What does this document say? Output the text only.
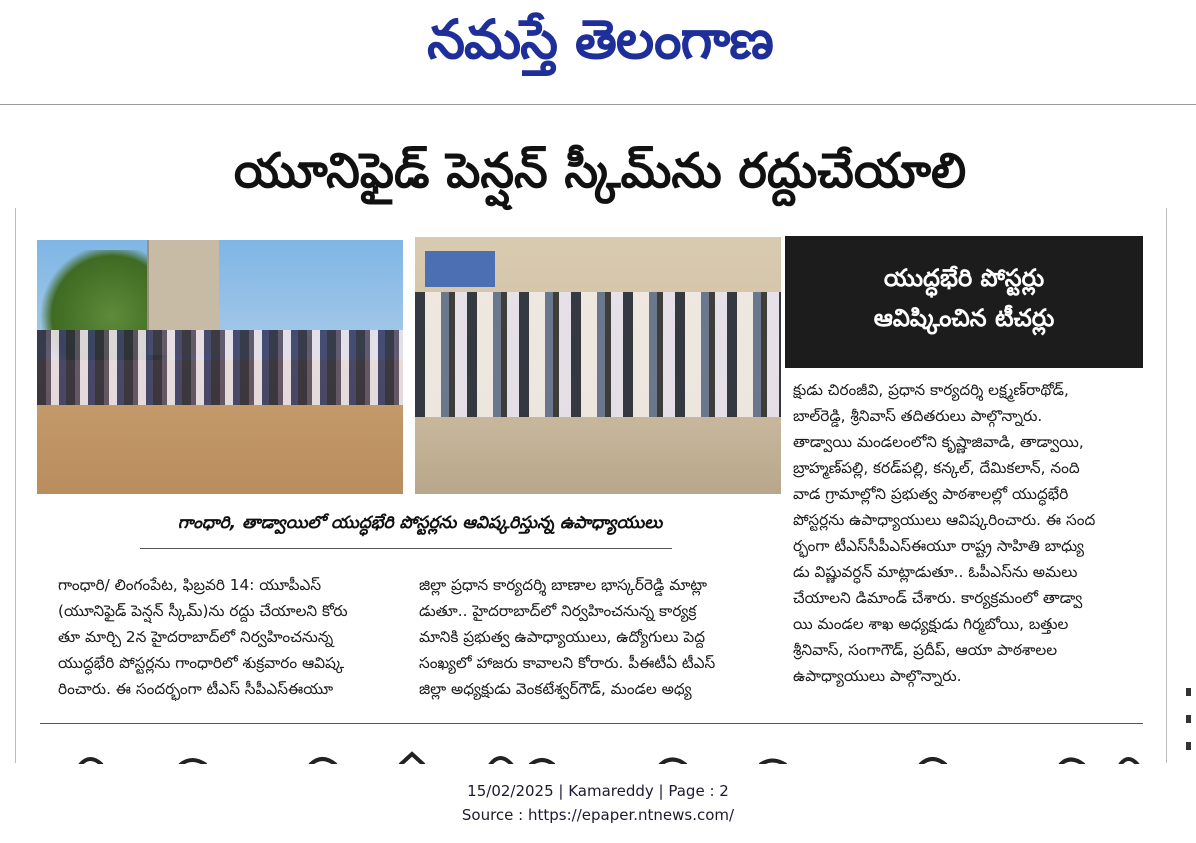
నమస్తే తెలంగాణ
యూనిఫైడ్ పెన్షన్ స్కీమ్‌ను రద్దుచేయాలి
యుద్ధభేరి పోస్టర్లు
ఆవిష్కించిన టీచర్లు
గాంధారి, తాడ్వాయిలో యుద్ధభేరి పోస్టర్లను ఆవిష్కరిస్తున్న ఉపాధ్యాయులు
గాంధారి/ లింగంపేట, ఫిబ్రవరి 14: యూపీఎస్
(యూనిఫైడ్ పెన్షన్ స్కీమ్)ను రద్దు చేయాలని కోరు
తూ మార్చి 2న హైదరాబాద్‌లో నిర్వహించనున్న
యుద్ధభేరి పోస్టర్లను గాంధారిలో శుక్రవారం ఆవిష్క
రించారు. ఈ సందర్భంగా టీఎస్ సీపీఎస్ఈయూ
జిల్లా ప్రధాన కార్యదర్శి బాణాల భాస్కర్‌రెడ్డి మాట్లా
డుతూ.. హైదరాబాద్‌లో నిర్వహించనున్న కార్యక్ర
మానికి ప్రభుత్వ ఉపాధ్యాయులు, ఉద్యోగులు పెద్ద
సంఖ్యలో హాజరు కావాలని కోరారు. పీఈటీఏ టీఎస్
జిల్లా అధ్యక్షుడు వెంకటేశ్వర్‌గౌడ్, మండల అధ్య
క్షుడు చిరంజీవి, ప్రధాన కార్యదర్శి లక్ష్మణ్‌రాథోడ్,
బాల్‌రెడ్డి, శ్రీనివాస్ తదితరులు పాల్గొన్నారు.
తాడ్వాయి మండలంలోని కృష్ణాజివాడి, తాడ్వాయి,
బ్రాహ్మణ్‌పల్లి, కరడ్‌పల్లి, కన్కల్, దేమికలాన్, నంది
వాడ గ్రామాల్లోని ప్రభుత్వ పాఠశాలల్లో యుద్ధభేరి
పోస్టర్లను ఉపాధ్యాయులు ఆవిష్కరించారు. ఈ సంద
ర్భంగా టీఎస్‌సీపీఎస్ఈయూ రాష్ట్ర సాహితి బాధ్యు
డు విష్ణువర్ధన్ మాట్లాడుతూ.. ఓపీఎస్‌ను అమలు
చేయాలని డిమాండ్ చేశారు. కార్యక్రమంలో తాడ్వా
యి మండల శాఖ అధ్యక్షుడు గిర్మబోయి, బత్తుల
శ్రీనివాస్, సంగాగౌడ్, ప్రదీప్, ఆయా పాఠశాలల
ఉపాధ్యాయులు పాల్గొన్నారు.
15/02/2025 | Kamareddy | Page : 2
Source : https://epaper.ntnews.com/
